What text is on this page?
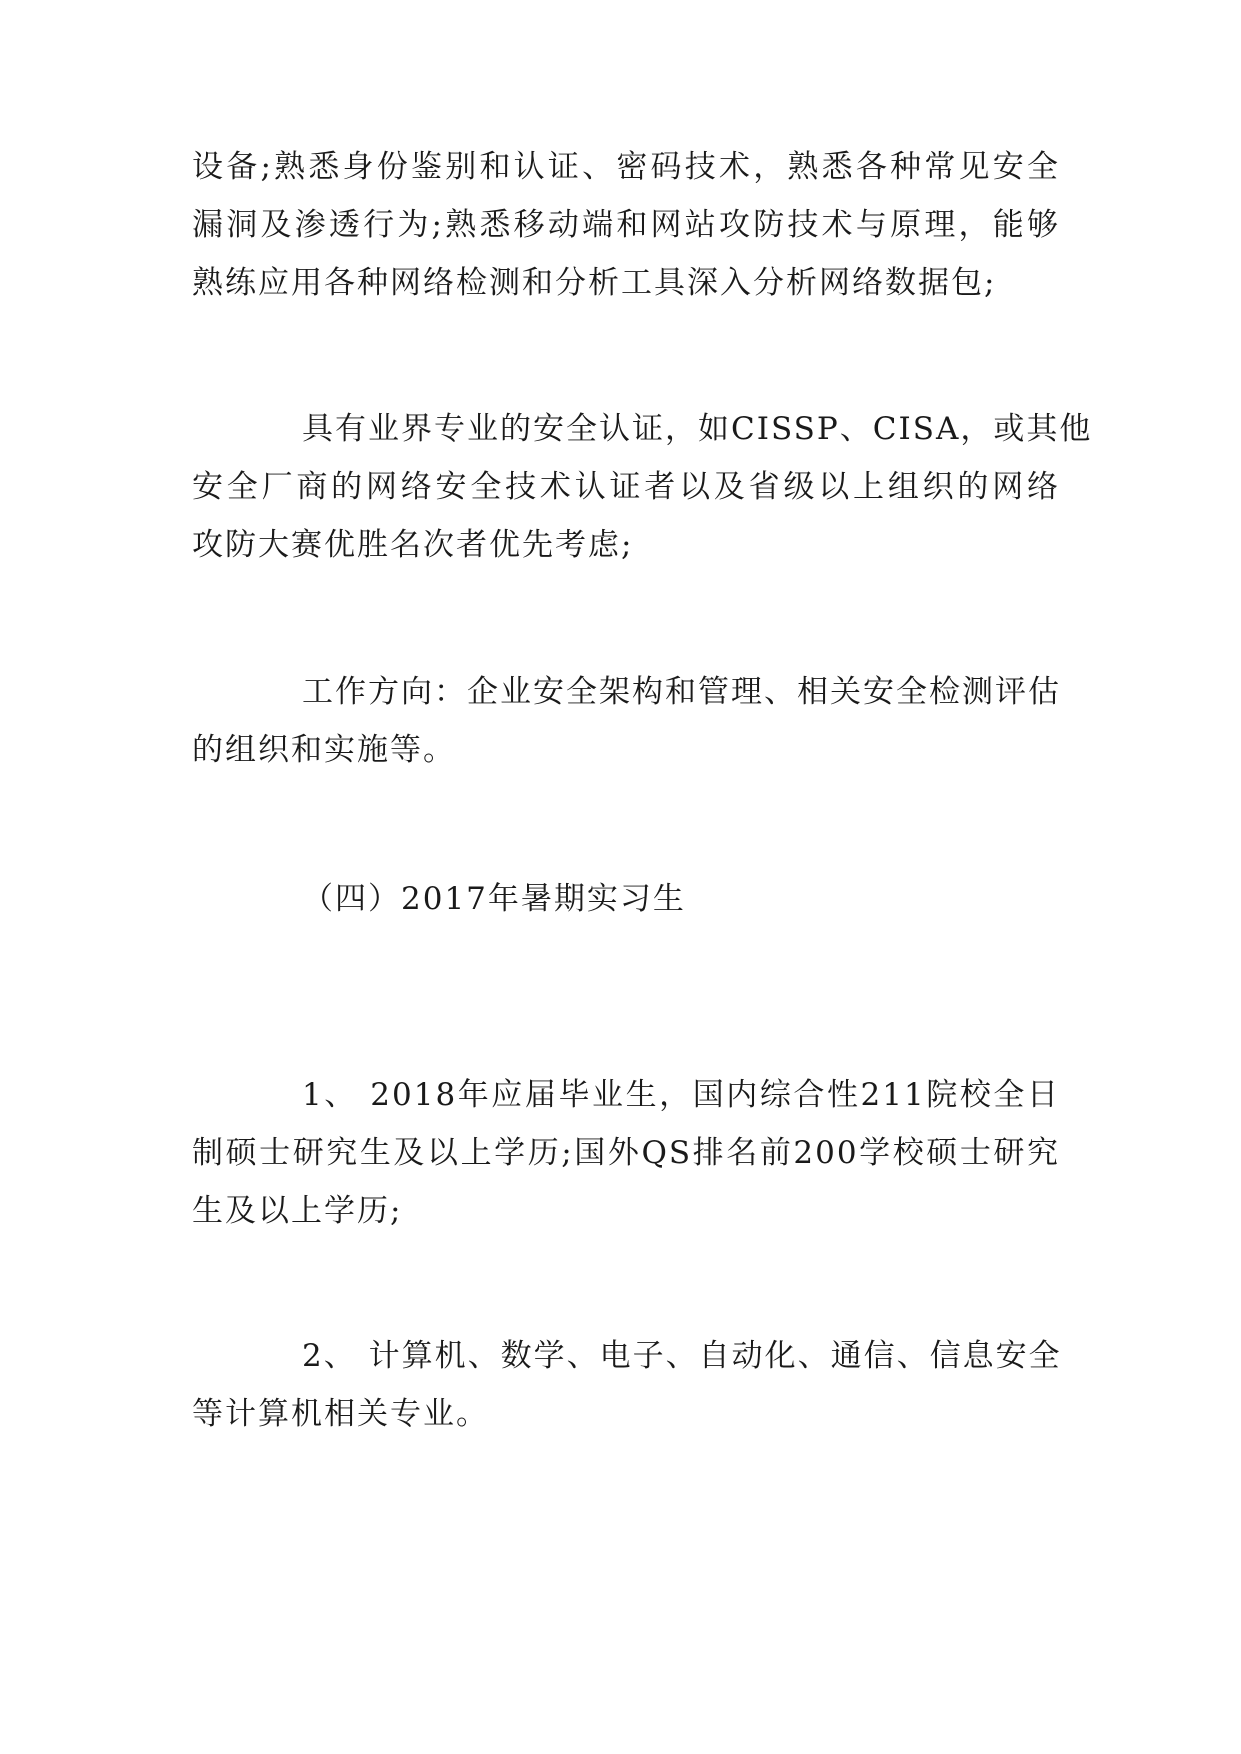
设备;熟悉身份鉴别和认证、密码技术，熟悉各种常见安全
漏洞及渗透行为;熟悉移动端和网站攻防技术与原理，能够
熟练应用各种网络检测和分析工具深入分析网络数据包;
具有业界专业的安全认证，如CISSP、CISA，或其他
安全厂商的网络安全技术认证者以及省级以上组织的网络
攻防大赛优胜名次者优先考虑;
工作方向：企业安全架构和管理、相关安全检测评估
的组织和实施等。
（四）2017年暑期实习生
1、 2018年应届毕业生，国内综合性211院校全日
制硕士研究生及以上学历;国外QS排名前200学校硕士研究
生及以上学历;
2、 计算机、数学、电子、自动化、通信、信息安全
等计算机相关专业。
